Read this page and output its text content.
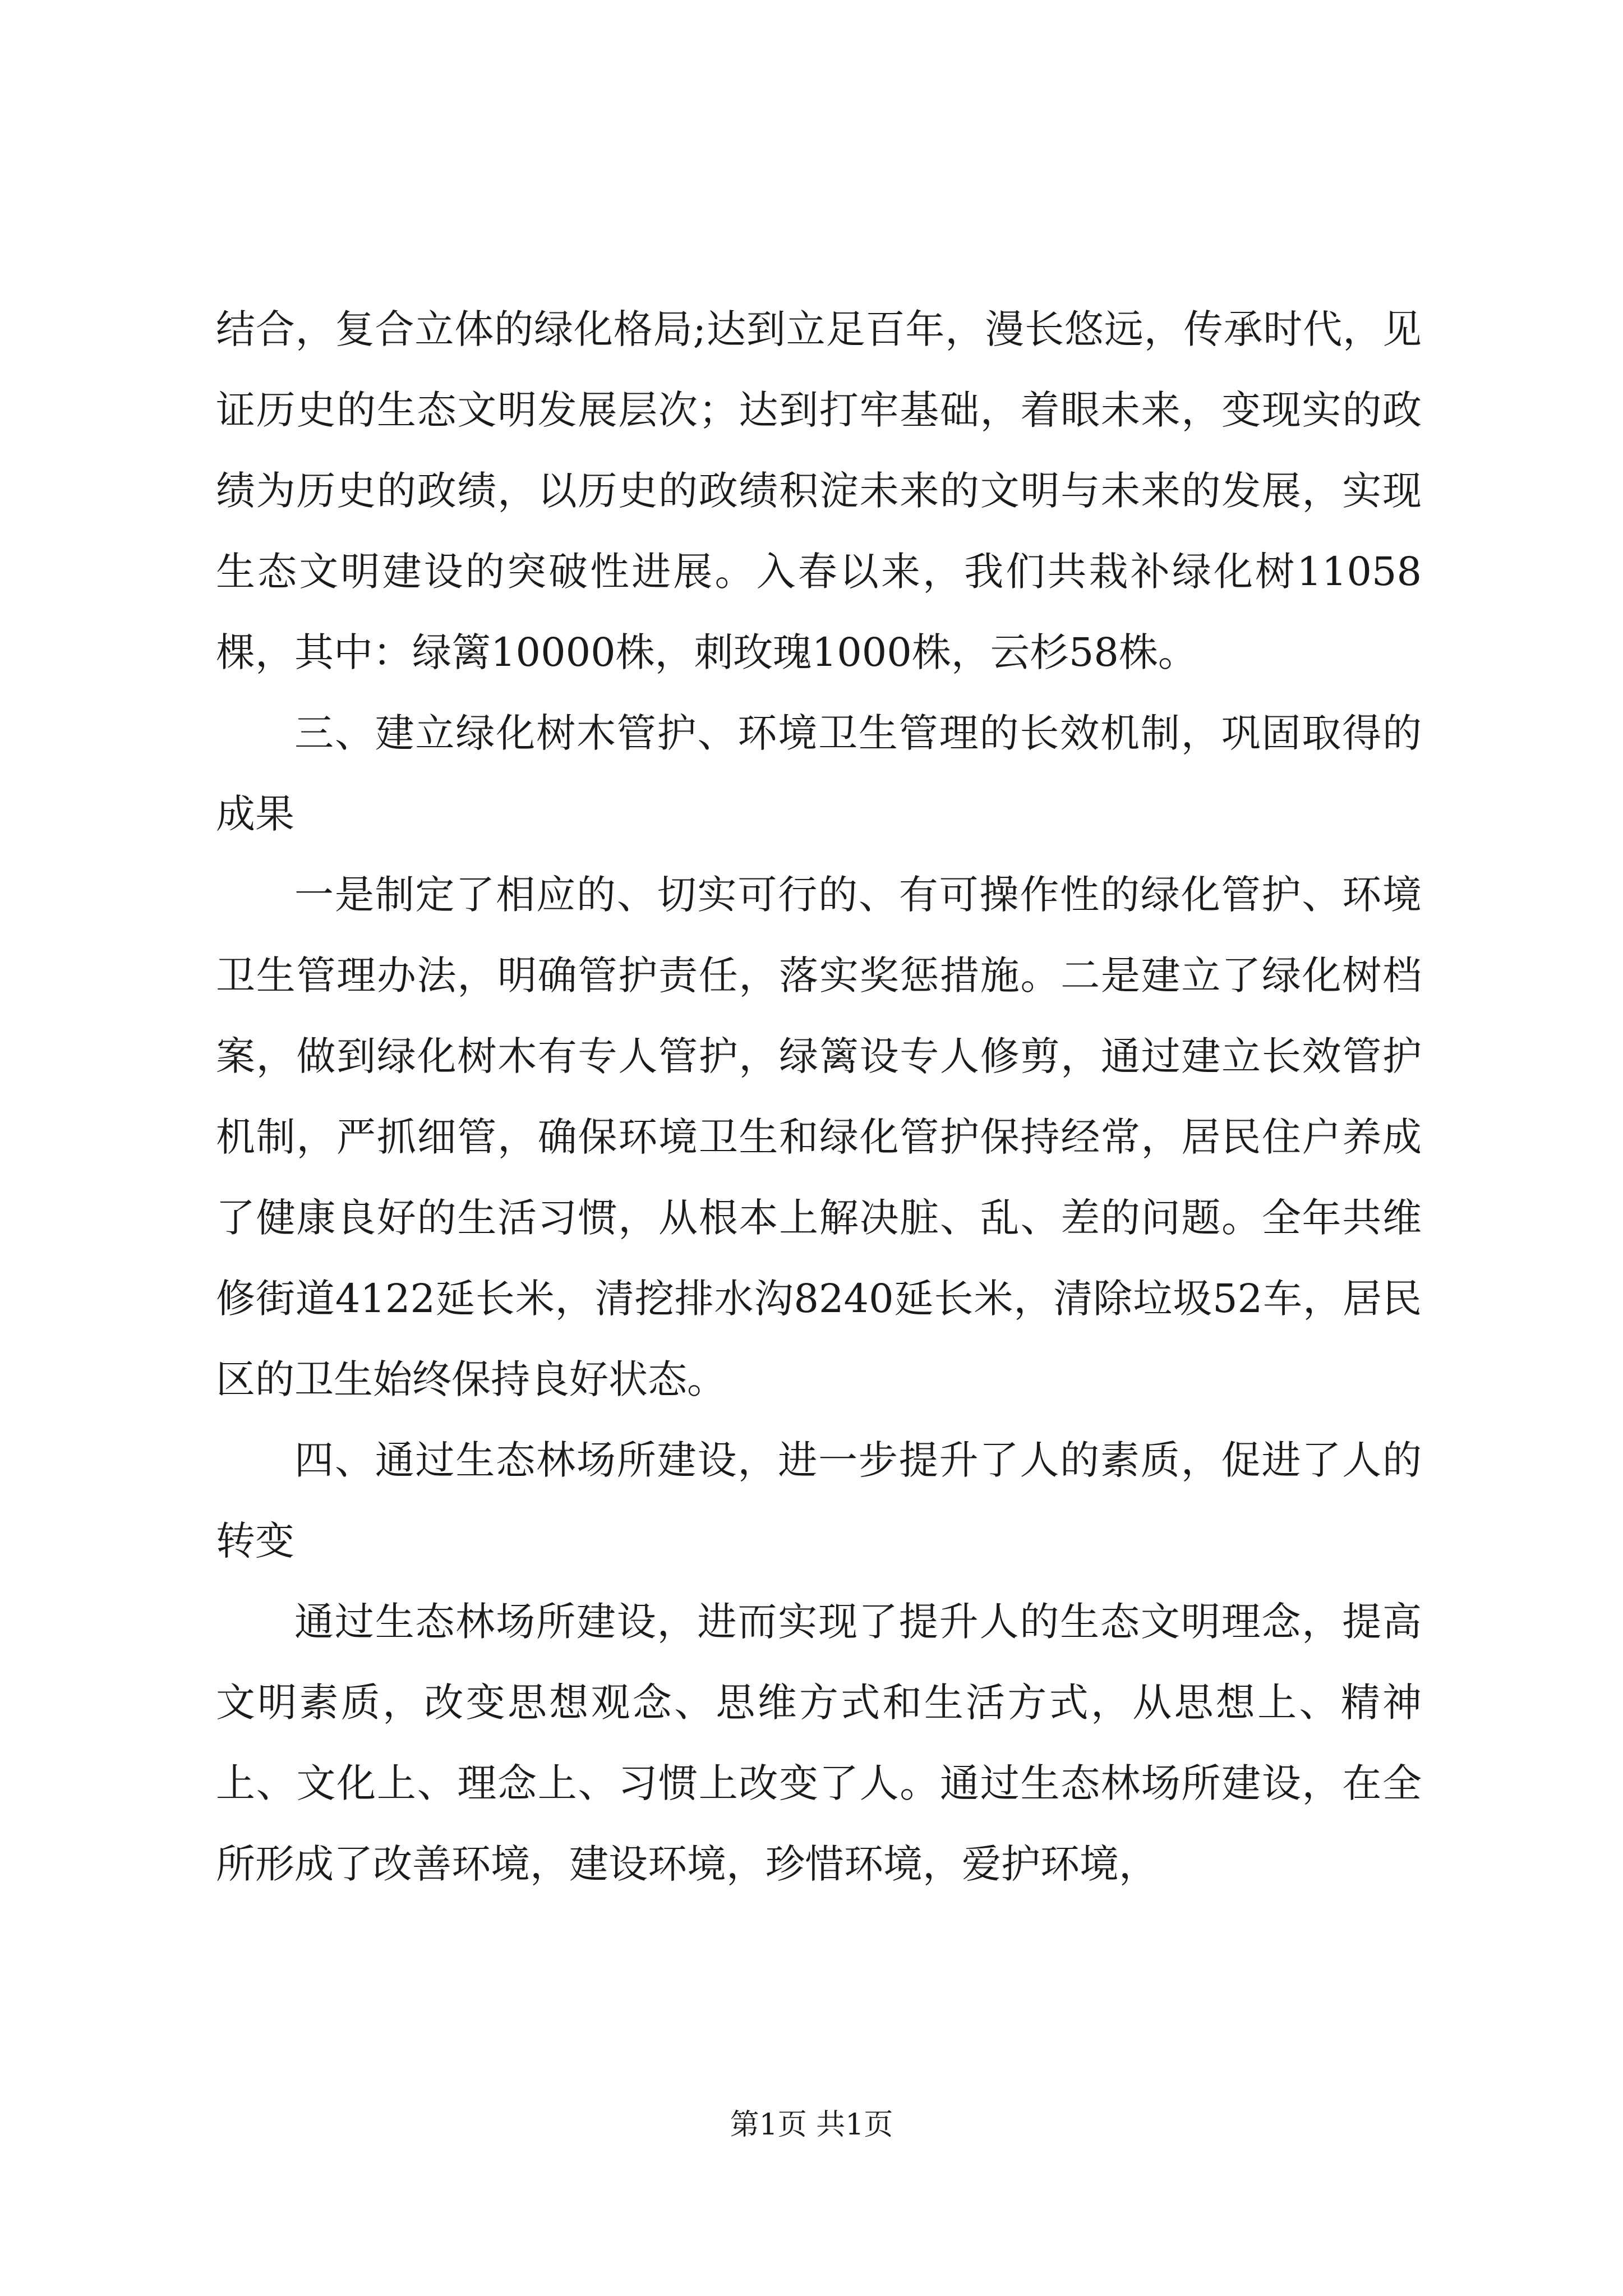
结合，复合立体的绿化格局;达到立足百年，漫长悠远，传承时代，见证历史的生态文明发展层次；达到打牢基础，着眼未来，变现实的政绩为历史的政绩，以历史的政绩积淀未来的文明与未来的发展，实现生态文明建设的突破性进展。入春以来，我们共栽补绿化树11058棵，其中：绿篱10000株，刺玫瑰1000株，云杉58株。

三、建立绿化树木管护、环境卫生管理的长效机制，巩固取得的成果

一是制定了相应的、切实可行的、有可操作性的绿化管护、环境卫生管理办法，明确管护责任，落实奖惩措施。二是建立了绿化树档案，做到绿化树木有专人管护，绿篱设专人修剪，通过建立长效管护机制，严抓细管，确保环境卫生和绿化管护保持经常，居民住户养成了健康良好的生活习惯，从根本上解决脏、乱、差的问题。全年共维修街道4122延长米，清挖排水沟8240延长米，清除垃圾52车，居民区的卫生始终保持良好状态。

四、通过生态林场所建设，进一步提升了人的素质，促进了人的转变

通过生态林场所建设，进而实现了提升人的生态文明理念，提高文明素质，改变思想观念、思维方式和生活方式，从思想上、精神上、文化上、理念上、习惯上改变了人。通过生态林场所建设，在全所形成了改善环境，建设环境，珍惜环境，爱护环境，

第1页 共1页
